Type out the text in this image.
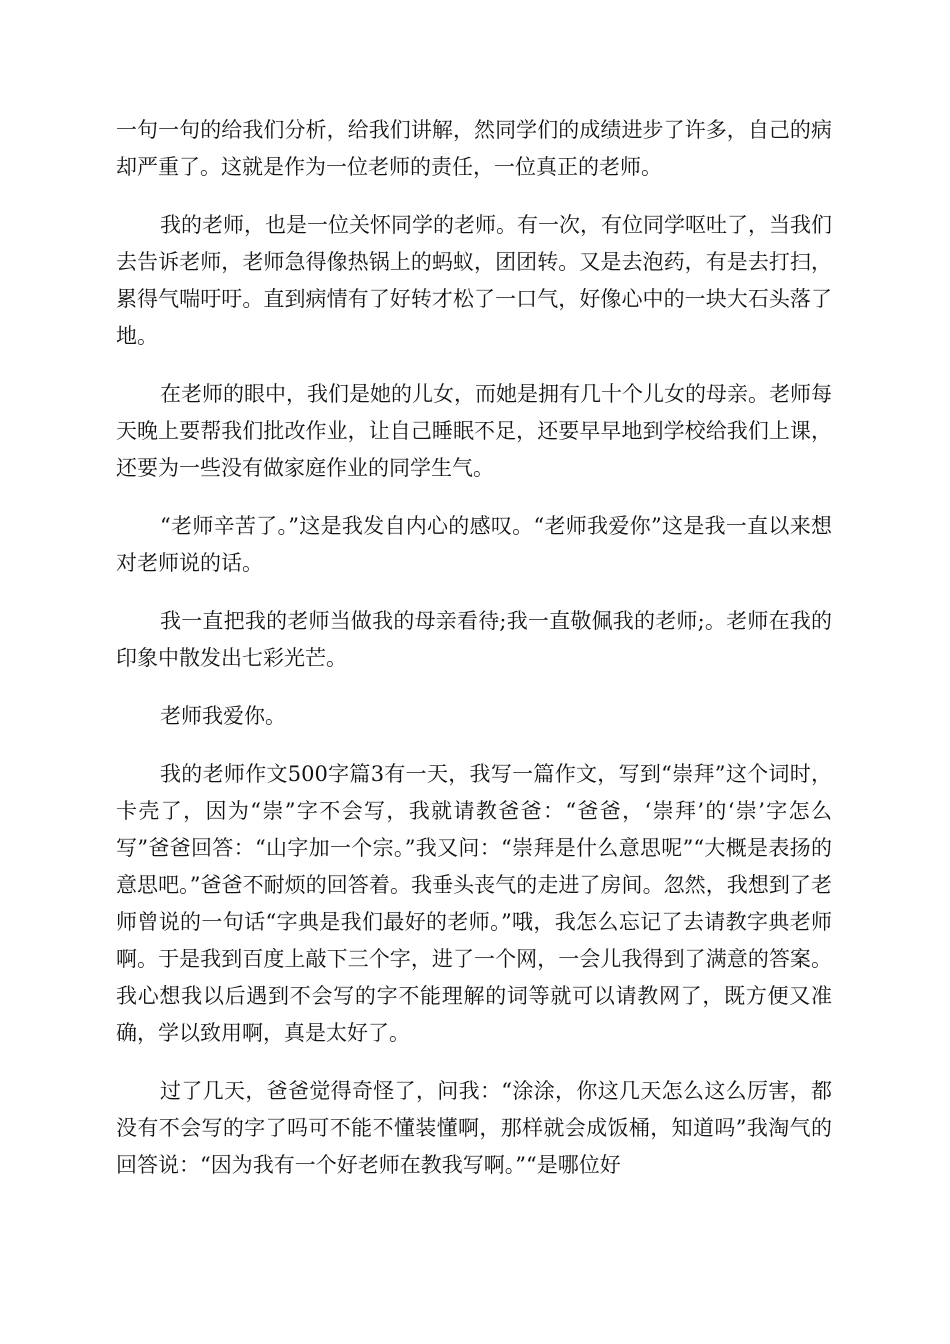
一句一句的给我们分析，给我们讲解，然同学们的成绩进步了许多，自己的病却严重了。这就是作为一位老师的责任，一位真正的老师。

我的老师，也是一位关怀同学的老师。有一次，有位同学呕吐了，当我们去告诉老师，老师急得像热锅上的蚂蚁，团团转。又是去泡药，有是去打扫，累得气喘吁吁。直到病情有了好转才松了一口气，好像心中的一块大石头落了地。

在老师的眼中，我们是她的儿女，而她是拥有几十个儿女的母亲。老师每天晚上要帮我们批改作业，让自己睡眠不足，还要早早地到学校给我们上课，还要为一些没有做家庭作业的同学生气。

“老师辛苦了。”这是我发自内心的感叹。“老师我爱你”这是我一直以来想对老师说的话。

我一直把我的老师当做我的母亲看待;我一直敬佩我的老师;。老师在我的印象中散发出七彩光芒。

老师我爱你。

我的老师作文500字篇3有一天，我写一篇作文，写到“崇拜”这个词时，卡壳了，因为“崇”字不会写，我就请教爸爸：“爸爸，‘崇拜’的‘崇’字怎么写”爸爸回答：“山字加一个宗。”我又问：“崇拜是什么意思呢”“大概是表扬的意思吧。”爸爸不耐烦的回答着。我垂头丧气的走进了房间。忽然，我想到了老师曾说的一句话“字典是我们最好的老师。”哦，我怎么忘记了去请教字典老师啊。于是我到百度上敲下三个字，进了一个网，一会儿我得到了满意的答案。我心想我以后遇到不会写的字不能理解的词等就可以请教网了，既方便又准确，学以致用啊，真是太好了。

过了几天，爸爸觉得奇怪了，问我：“涂涂，你这几天怎么这么厉害，都没有不会写的字了吗可不能不懂装懂啊，那样就会成饭桶，知道吗”我淘气的回答说：“因为我有一个好老师在教我写啊。”“是哪位好
